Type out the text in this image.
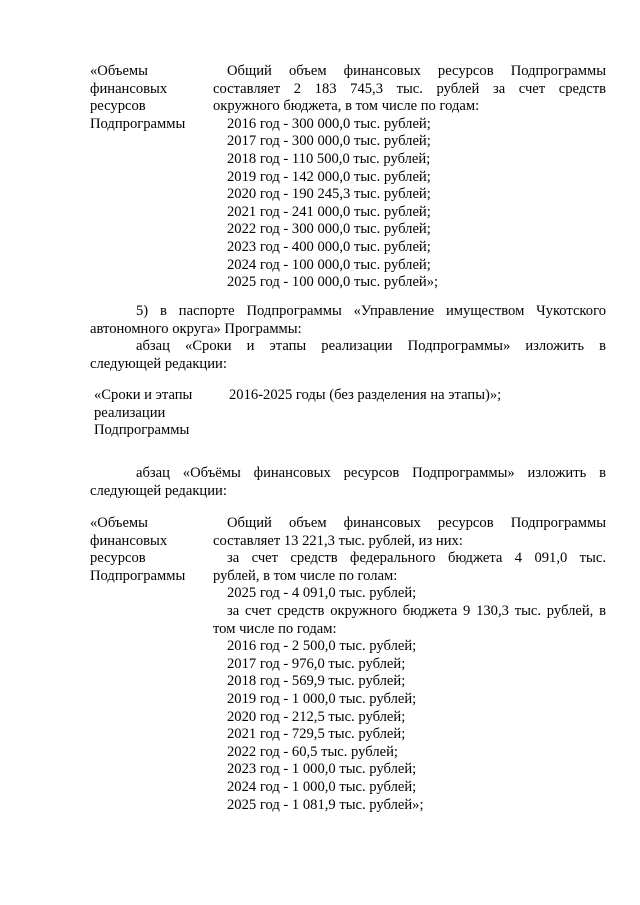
«Объемы
финансовых
ресурсов
Подпрограммы
Общий объем финансовых ресурсов Подпрограммы
составляет 2 183 745,3 тыс. рублей за счет средств
окружного бюджета, в том числе по годам:
2016 год - 300 000,0 тыс. рублей;
2017 год - 300 000,0 тыс. рублей;
2018 год - 110 500,0 тыс. рублей;
2019 год - 142 000,0 тыс. рублей;
2020 год - 190 245,3 тыс. рублей;
2021 год - 241 000,0 тыс. рублей;
2022 год - 300 000,0 тыс. рублей;
2023 год - 400 000,0 тыс. рублей;
2024 год - 100 000,0 тыс. рублей;
2025 год - 100 000,0 тыс. рублей»;
5) в паспорте Подпрограммы «Управление имуществом Чукотского
автономного округа» Программы:
абзац «Сроки и этапы реализации Подпрограммы» изложить в
следующей редакции:
«Сроки и этапы
реализации
Подпрограммы
2016-2025 годы (без разделения на этапы)»;
абзац «Объёмы финансовых ресурсов Подпрограммы» изложить в
следующей редакции:
«Объемы
финансовых
ресурсов
Подпрограммы
Общий объем финансовых ресурсов Подпрограммы
составляет 13 221,3 тыс. рублей, из них:
за счет средств федерального бюджета 4 091,0 тыс.
рублей, в том числе по голам:
2025 год - 4 091,0 тыс. рублей;
за счет средств окружного бюджета 9 130,3 тыс. рублей, в
том числе по годам:
2016 год - 2 500,0 тыс. рублей;
2017 год - 976,0 тыс. рублей;
2018 год - 569,9 тыс. рублей;
2019 год - 1 000,0 тыс. рублей;
2020 год - 212,5 тыс. рублей;
2021 год - 729,5 тыс. рублей;
2022 год - 60,5 тыс. рублей;
2023 год - 1 000,0 тыс. рублей;
2024 год - 1 000,0 тыс. рублей;
2025 год - 1 081,9 тыс. рублей»;
